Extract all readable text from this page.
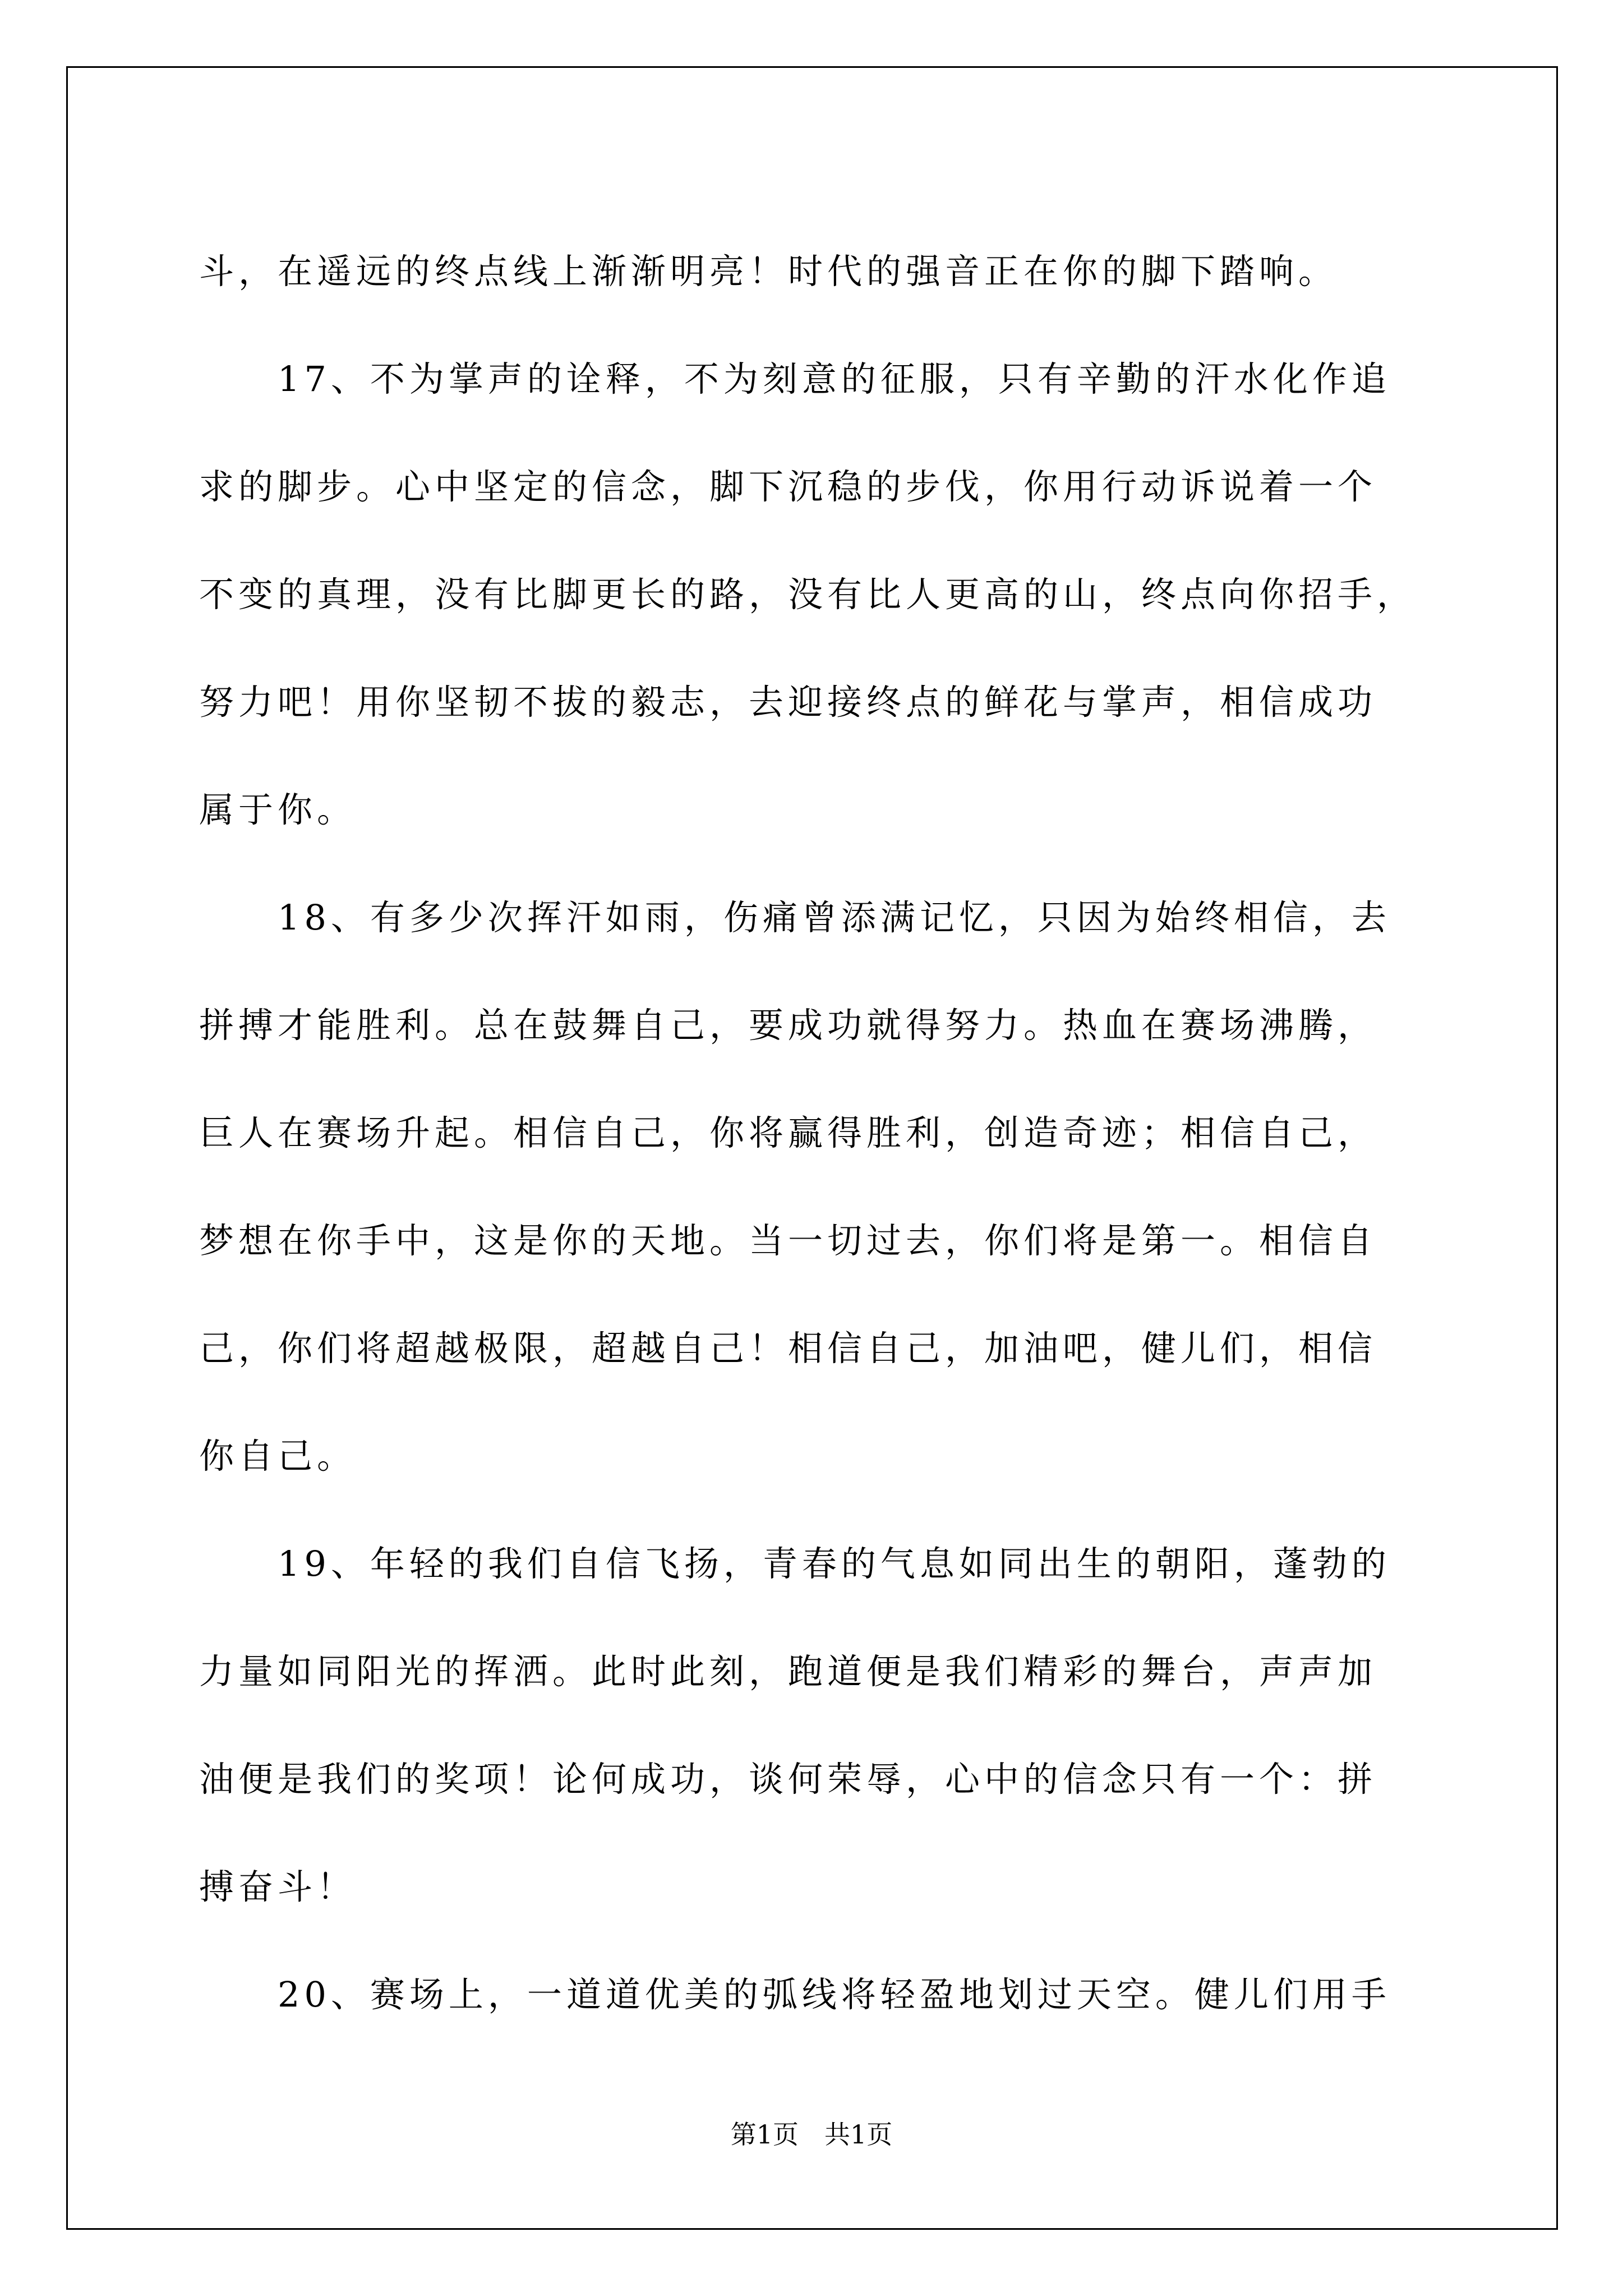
斗，在遥远的终点线上渐渐明亮！时代的强音正在你的脚下踏响。
　　17、不为掌声的诠释，不为刻意的征服，只有辛勤的汗水化作追
求的脚步。心中坚定的信念，脚下沉稳的步伐，你用行动诉说着一个
不变的真理，没有比脚更长的路，没有比人更高的山，终点向你招手，
努力吧！用你坚韧不拔的毅志，去迎接终点的鲜花与掌声，相信成功
属于你。
　　18、有多少次挥汗如雨，伤痛曾添满记忆，只因为始终相信，去
拼搏才能胜利。总在鼓舞自己，要成功就得努力。热血在赛场沸腾，
巨人在赛场升起。相信自己，你将赢得胜利，创造奇迹；相信自己，
梦想在你手中，这是你的天地。当一切过去，你们将是第一。相信自
己，你们将超越极限，超越自己！相信自己，加油吧，健儿们，相信
你自己。
　　19、年轻的我们自信飞扬，青春的气息如同出生的朝阳，蓬勃的
力量如同阳光的挥洒。此时此刻，跑道便是我们精彩的舞台，声声加
油便是我们的奖项！论何成功，谈何荣辱，心中的信念只有一个：拼
搏奋斗！
　　20、赛场上，一道道优美的弧线将轻盈地划过天空。健儿们用手
第1页　共1页
